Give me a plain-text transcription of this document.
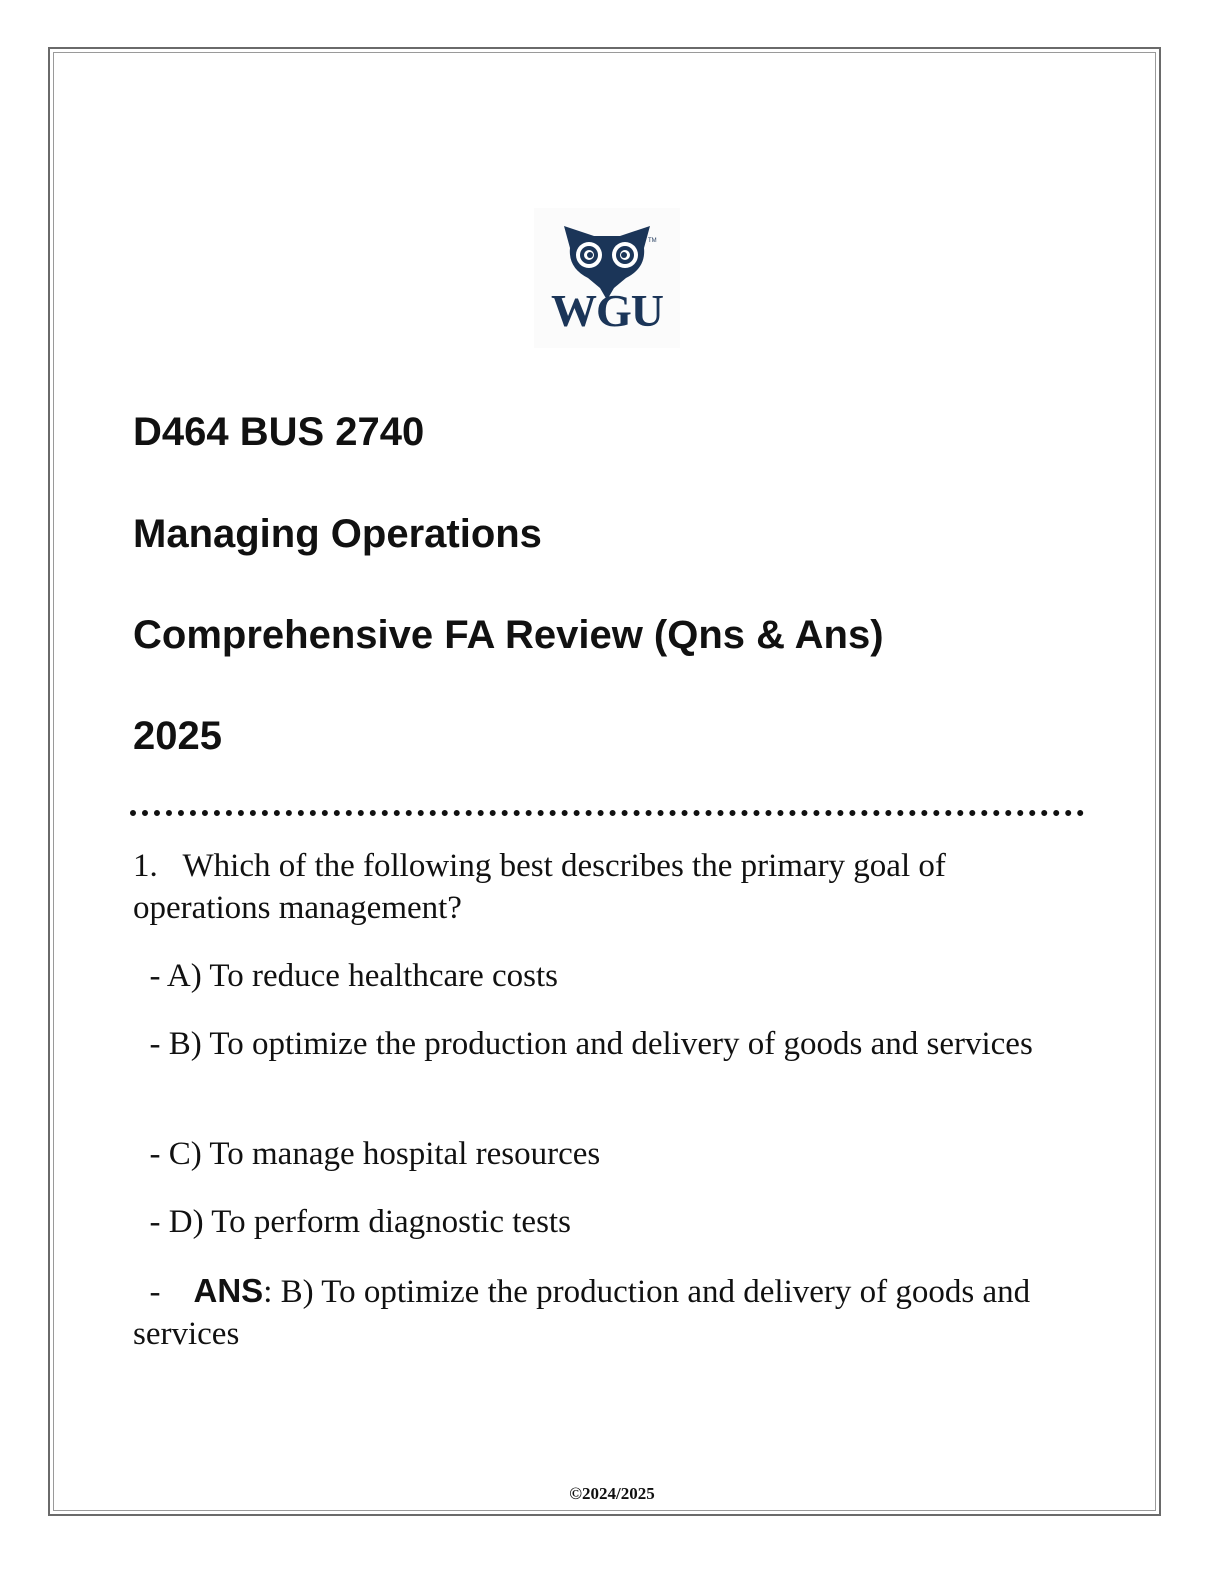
TM
WGU
D464 BUS 2740
Managing Operations
Comprehensive FA Review (Qns & Ans)
2025

1. Which of the following best describes the primary goal of operations management?

- A) To reduce healthcare costs

- B) To optimize the production and delivery of goods and services

- C) To manage hospital resources

- D) To perform diagnostic tests

- ANS: B) To optimize the production and delivery of goods and services

©2024/2025
